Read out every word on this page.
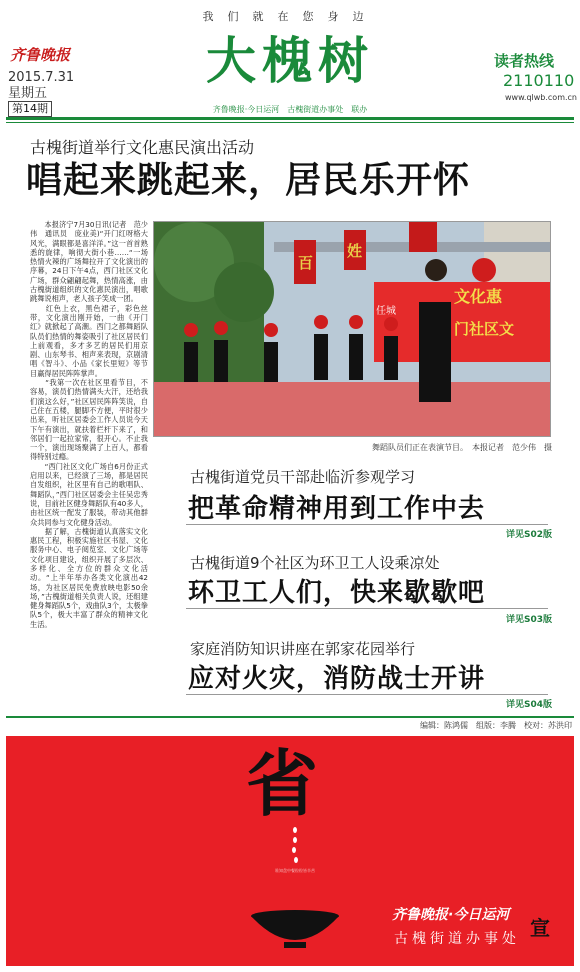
我们就在您身边
齐鲁晚报
2015.7.31
星期五
第14期
大槐树
齐鲁晚报·今日运河　古槐街道办事处　联办
读者热线
2110110
www.qlwb.com.cn
古槐街道举行文化惠民演出活动
唱起来跳起来，居民乐开怀
　　本报济宁7月30日讯(记者　范少伟　通讯员　庞业美)“开门红呀格大风光，满眼都是喜洋洋。”这一首首熟悉的旋律，响彻大街小巷……“一场热情火辣的广场舞拉开了文化演出的序幕，24日下午4点，西门社区文化广场，群众翩翩起舞，热情高涨，由古槐街道组织的文化惠民演出，唱歌跳舞说相声，老人孩子笑成一团。
　　红色上衣，黑色裙子，彩色丝带，文化演出刚开始，一曲《开门红》就掀起了高潮。西门之都舞蹈队队员们热情的舞姿吸引了社区居民们上前观看，多才多艺的居民们用京剧、山东琴书、相声来表现，京剧清唱《智斗》、小品《家长里短》等节目赢得居民阵阵掌声。
　　“我第一次在社区里看节目，不容易，演员们热情满头大汗，还给我们演这么好，”社区居民阵阵笑说，自己住在五楼，腿脚不方便，平时很少出来，听社区居委会工作人员说今天下午有演出，就扶着栏杆下来了，和邻居们一起拉家常，很开心。不止我一个，演出现场聚满了上百人，都看得特别过瘾。
　　“西门社区文化广场自6月份正式启用以来，已经演了三场，都是居民自发组织，社区里有自己的歌唱队、舞蹈队，”西门社区居委会主任吴忠秀说，目前社区健身舞蹈队有40多人，由社区统一配发了服装，带动其他群众共同参与文化健身活动。
　　据了解，古槐街道认真落实文化惠民工程，积极实施社区书屋、文化服务中心、电子阅览室、文化广场等文化项目建设，组织开展了多层次、多样化、全方位的群众文化活动。“上半年举办各类文化演出42场，为社区居民免费放映电影50余场，”古槐街道相关负责人说，还组建健身舞蹈队5个，戏曲队3个，太极拳队5个，极大丰富了群众的精神文化生活。
百
姓
文化惠
任城
门社区文
舞蹈队员们正在表演节目。　本报记者　范少伟　摄
古槐街道党员干部赴临沂参观学习
把革命精神用到工作中去
详见S02版
古槐街道9个社区为环卫工人设乘凉处
环卫工人们，快来歇歇吧
详见S03版
家庭消防知识讲座在郭家花园举行
应对火灾，消防战士开讲
详见S04版
编辑：陈鸿儒　组版：李腾　校对：苏洪印
省
谁知盘中餐粒粒皆辛苦
齐鲁晚报·今日运河
古槐街道办事处 宣
